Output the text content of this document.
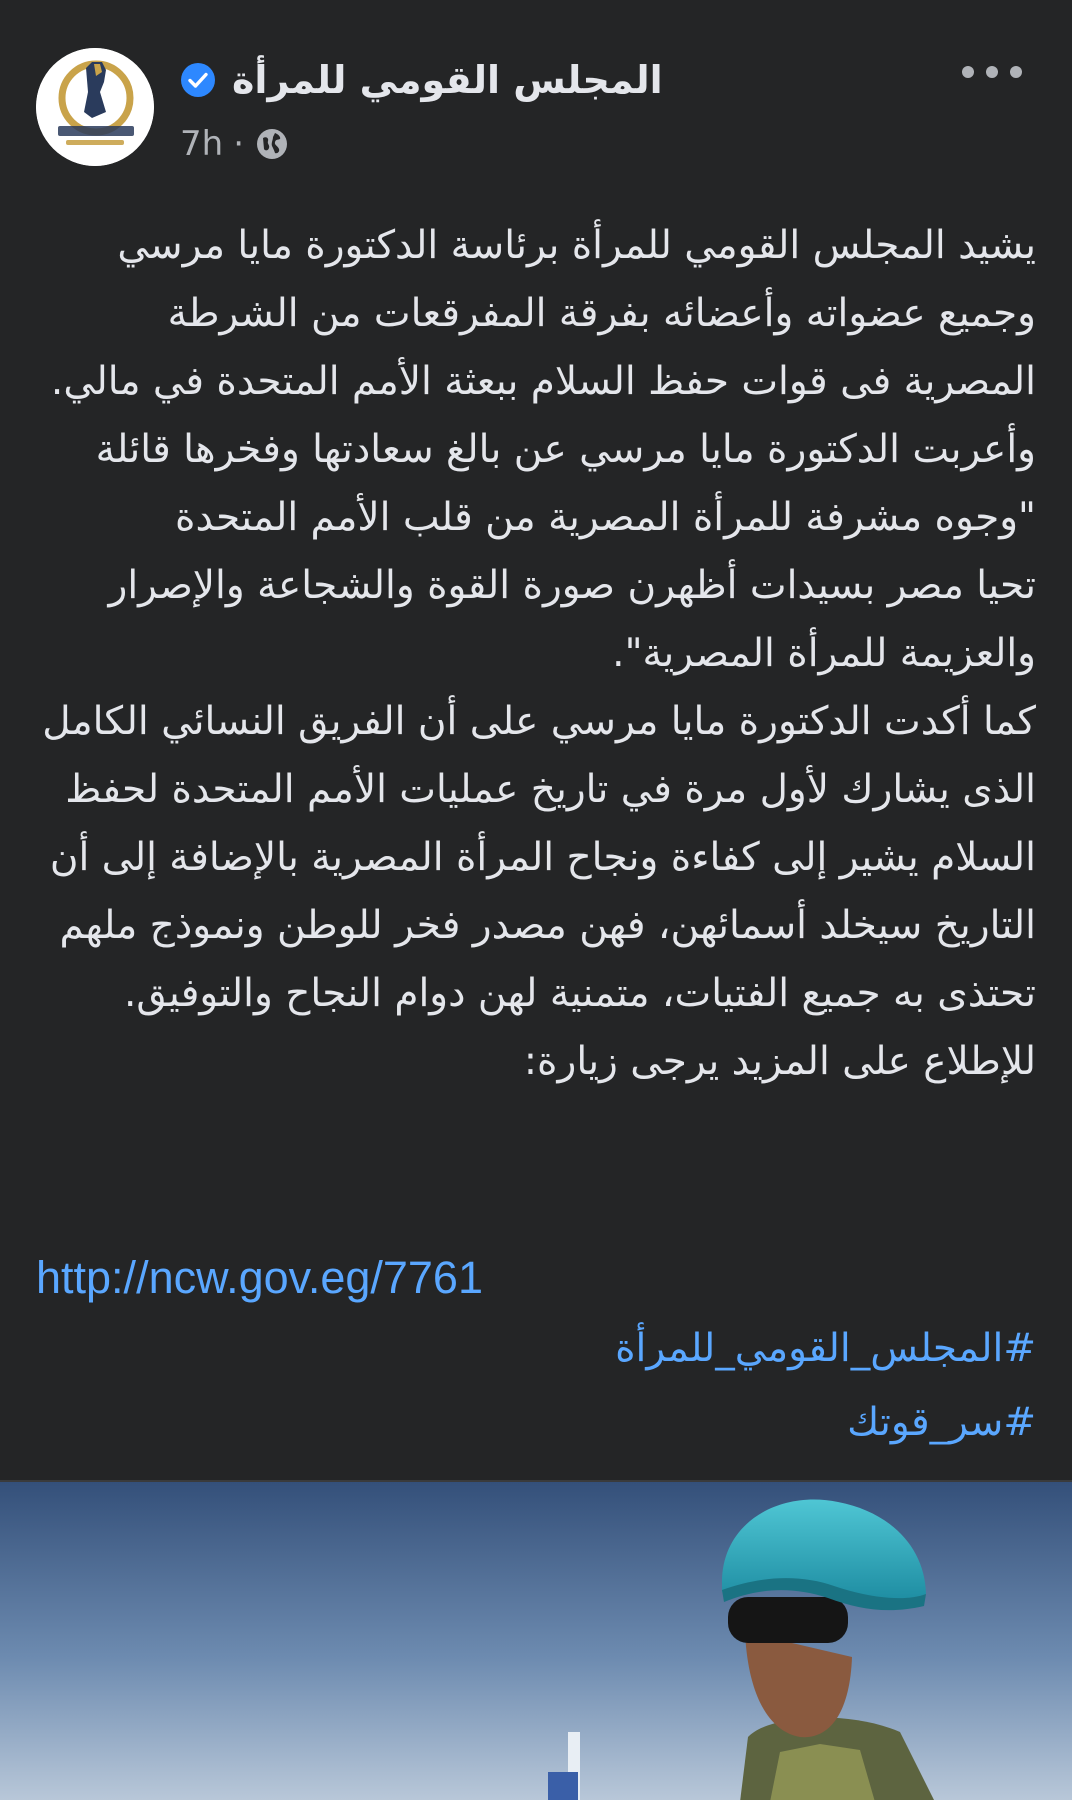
المجلس القومي للمرأة
7h ·

يشيد المجلس القومي للمرأة برئاسة الدكتورة مايا مرسي وجميع عضواته وأعضائه بفرقة المفرقعات من الشرطة المصرية فى قوات حفظ السلام ببعثة الأمم المتحدة في مالي.

وأعربت الدكتورة مايا مرسي عن بالغ سعادتها وفخرها قائلة "وجوه مشرفة للمرأة المصرية من قلب الأمم المتحدة

تحيا مصر بسيدات أظهرن صورة القوة والشجاعة والإصرار والعزيمة للمرأة المصرية".

كما أكدت الدكتورة مايا مرسي على أن الفريق النسائي الكامل الذى يشارك لأول مرة في تاريخ عمليات الأمم المتحدة لحفظ السلام يشير إلى كفاءة ونجاح المرأة المصرية بالإضافة إلى أن التاريخ سيخلد أسمائهن، فهن مصدر فخر للوطن ونموذج ملهم تحتذى به جميع الفتيات، متمنية لهن دوام النجاح والتوفيق.

للإطلاع على المزيد يرجى زيارة:

http://ncw.gov.eg/7761
#المجلس_القومي_للمرأة
#سر_قوتك
